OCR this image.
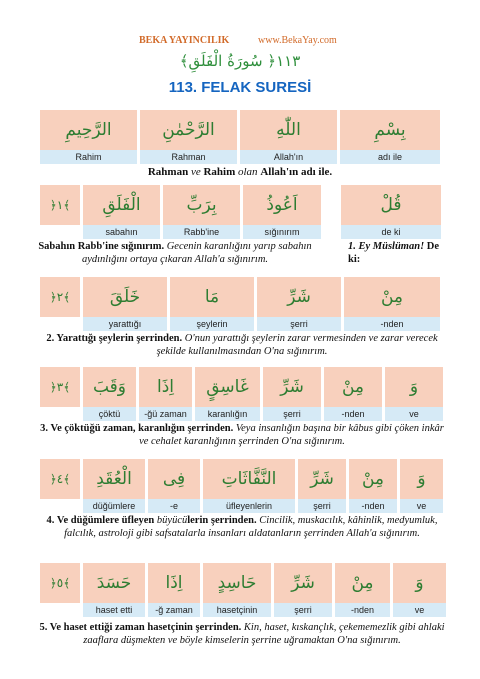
BEKA YAYINCILIK	www.BekaYay.com
﴾١١٣﴿ سُورَةُ الْفَلَقِ
113. FELAK SURESİ
الرَّحِيمِ	الرَّحْمٰنِ	اللّٰهِ	بِسْمِ
Rahim	Rahman	Allah'ın	adı ile
Rahman ve Rahim olan Allah'ın adı ile.
﴾١﴿	الْفَلَقِ	بِرَبِّ	اَعُوذُ	قُلْ
sabahın	Rabb'ine	sığınırım	de ki
Sabahın Rabb'ine sığınırım. Gecenin karanlığını yarıp sabahın aydınlığını ortaya çıkaran Allah'a sığınırım.
1. Ey Müslüman! De ki:
﴾٢﴿	خَلَقَ	مَا	شَرِّ	مِنْ
yarattığı	şeylerin	şerri	-nden
2. Yarattığı şeylerin şerrinden. O'nun yarattığı şeylerin zarar vermesinden ve zarar verecek şekilde kullanılmasından O'na sığınırım.
﴾٣﴿	وَقَبَ	اِذَا	غَاسِقٍ	شَرِّ	مِنْ	وَ
çöktü	-ğü zaman	karanlığın	şerri	-nden	ve
3. Ve çöktüğü zaman, karanlığın şerrinden. Veya insanlığın başına bir kâbus gibi çöken inkâr ve cehalet karanlığının şerrinden O'na sığınırım.
﴾٤﴿	الْعُقَدِ	فِى	النَّفَّاثَاتِ	شَرِّ	مِنْ	وَ
düğümlere	-e	üfleyenlerin	şerri	-nden	ve
4. Ve düğümlere üfleyen büyücülerin şerrinden. Cincilik, muskacılık, kâhinlik, medyumluk, falcılık, astroloji gibi safsatalarla insanları aldatanların şerrinden Allah'a sığınırım.
﴾٥﴿	حَسَدَ	اِذَا	حَاسِدٍ	شَرِّ	مِنْ	وَ
haset etti	-ğ zaman	hasetçinin	şerri	-nden	ve
5. Ve haset ettiği zaman hasetçinin şerrinden. Kin, haset, kıskançlık, çekememezlik gibi ahlaki zaaflara düşmekten ve böyle kimselerin şerrine uğramaktan O'na sığınırım.
